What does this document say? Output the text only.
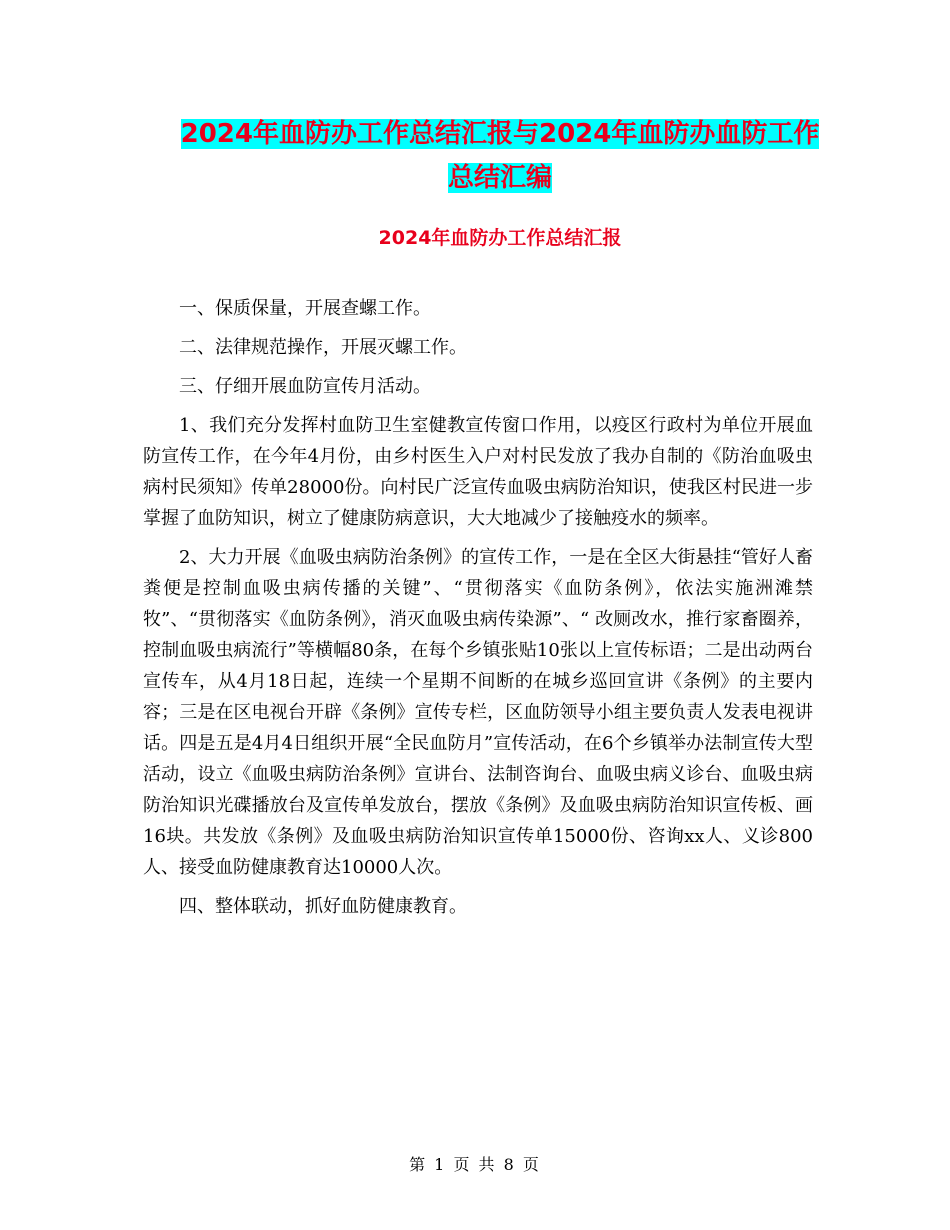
2024年血防办工作总结汇报与2024年血防办血防工作
总结汇编
2024年血防办工作总结汇报

一、保质保量，开展查螺工作。

二、法律规范操作，开展灭螺工作。

三、仔细开展血防宣传月活动。

1、我们充分发挥村血防卫生室健教宣传窗口作用，以疫区行政村为单位开展血防宣传工作，在今年4月份，由乡村医生入户对村民发放了我办自制的《防治血吸虫病村民须知》传单28000份。向村民广泛宣传血吸虫病防治知识，使我区村民进一步掌握了血防知识，树立了健康防病意识，大大地减少了接触疫水的频率。

2、大力开展《血吸虫病防治条例》的宣传工作，一是在全区大街悬挂“管好人畜粪便是控制血吸虫病传播的关键”、“贯彻落实《血防条例》，依法实施洲滩禁牧”、“贯彻落实《血防条例》，消灭血吸虫病传染源”、“ 改厕改水，推行家畜圈养，控制血吸虫病流行”等横幅80条，在每个乡镇张贴10张以上宣传标语；二是出动两台宣传车，从4月18日起，连续一个星期不间断的在城乡巡回宣讲《条例》的主要内容；三是在区电视台开辟《条例》宣传专栏，区血防领导小组主要负责人发表电视讲话。四是五是4月4日组织开展“全民血防月”宣传活动，在6个乡镇举办法制宣传大型活动，设立《血吸虫病防治条例》宣讲台、法制咨询台、血吸虫病义诊台、血吸虫病防治知识光碟播放台及宣传单发放台，摆放《条例》及血吸虫病防治知识宣传板、画16块。共发放《条例》及血吸虫病防治知识宣传单15000份、咨询xx人、义诊800人、接受血防健康教育达10000人次。

四、整体联动，抓好血防健康教育。

第 1 页 共 8 页
